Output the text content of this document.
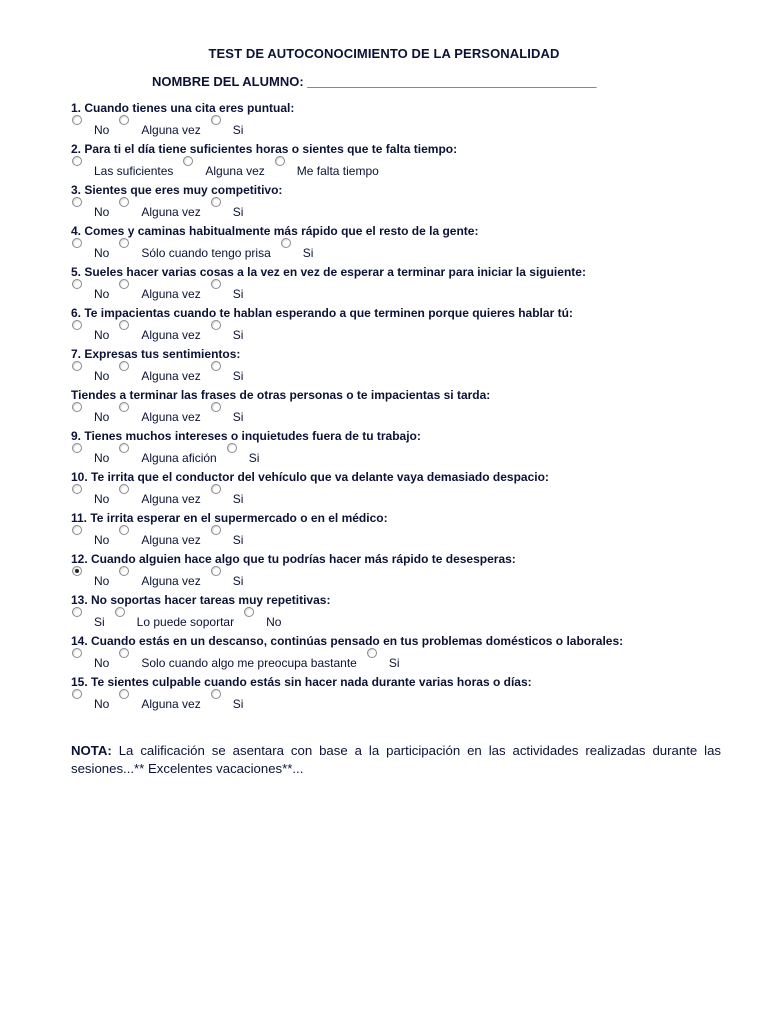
TEST DE AUTOCONOCIMIENTO DE LA PERSONALIDAD
NOMBRE DEL ALUMNO: ________________________________________
1. Cuando tienes una cita eres puntual:
No	Alguna vez	Si
2. Para ti el día tiene suficientes horas o sientes que te falta tiempo:
Las suficientes	Alguna vez	Me falta tiempo
3. Sientes que eres muy competitivo:
No	Alguna vez	Si
4. Comes y caminas habitualmente más rápido que el resto de la gente:
No	Sólo cuando tengo prisa	Si
5. Sueles hacer varias cosas a la vez en vez de esperar a terminar para iniciar la siguiente:
No	Alguna vez	Si
6. Te impacientas cuando te hablan esperando a que terminen porque quieres hablar tú:
No	Alguna vez	Si
7. Expresas tus sentimientos:
No	Alguna vez	Si
Tiendes a terminar las frases de otras personas o te impacientas si tarda:
No	Alguna vez	Si
9. Tienes muchos intereses o inquietudes fuera de tu trabajo:
No	Alguna afición	Si
10. Te irrita que el conductor del vehículo que va delante vaya demasiado despacio:
No	Alguna vez	Si
11. Te irrita esperar en el supermercado o en el médico:
No	Alguna vez	Si
12. Cuando alguien hace algo que tu podrías hacer más rápido te desesperas:
No	Alguna vez	Si
13. No soportas hacer tareas muy repetitivas:
Si	Lo puede soportar	No
14. Cuando estás en un descanso, continúas pensado en tus problemas domésticos o laborales:
No	Solo cuando algo me preocupa bastante	Si
15. Te sientes culpable cuando estás sin hacer nada durante varias horas o días:
No	Alguna vez	Si
NOTA: La calificación se asentara con base a la participación en las actividades realizadas durante las sesiones...** Excelentes vacaciones**...
